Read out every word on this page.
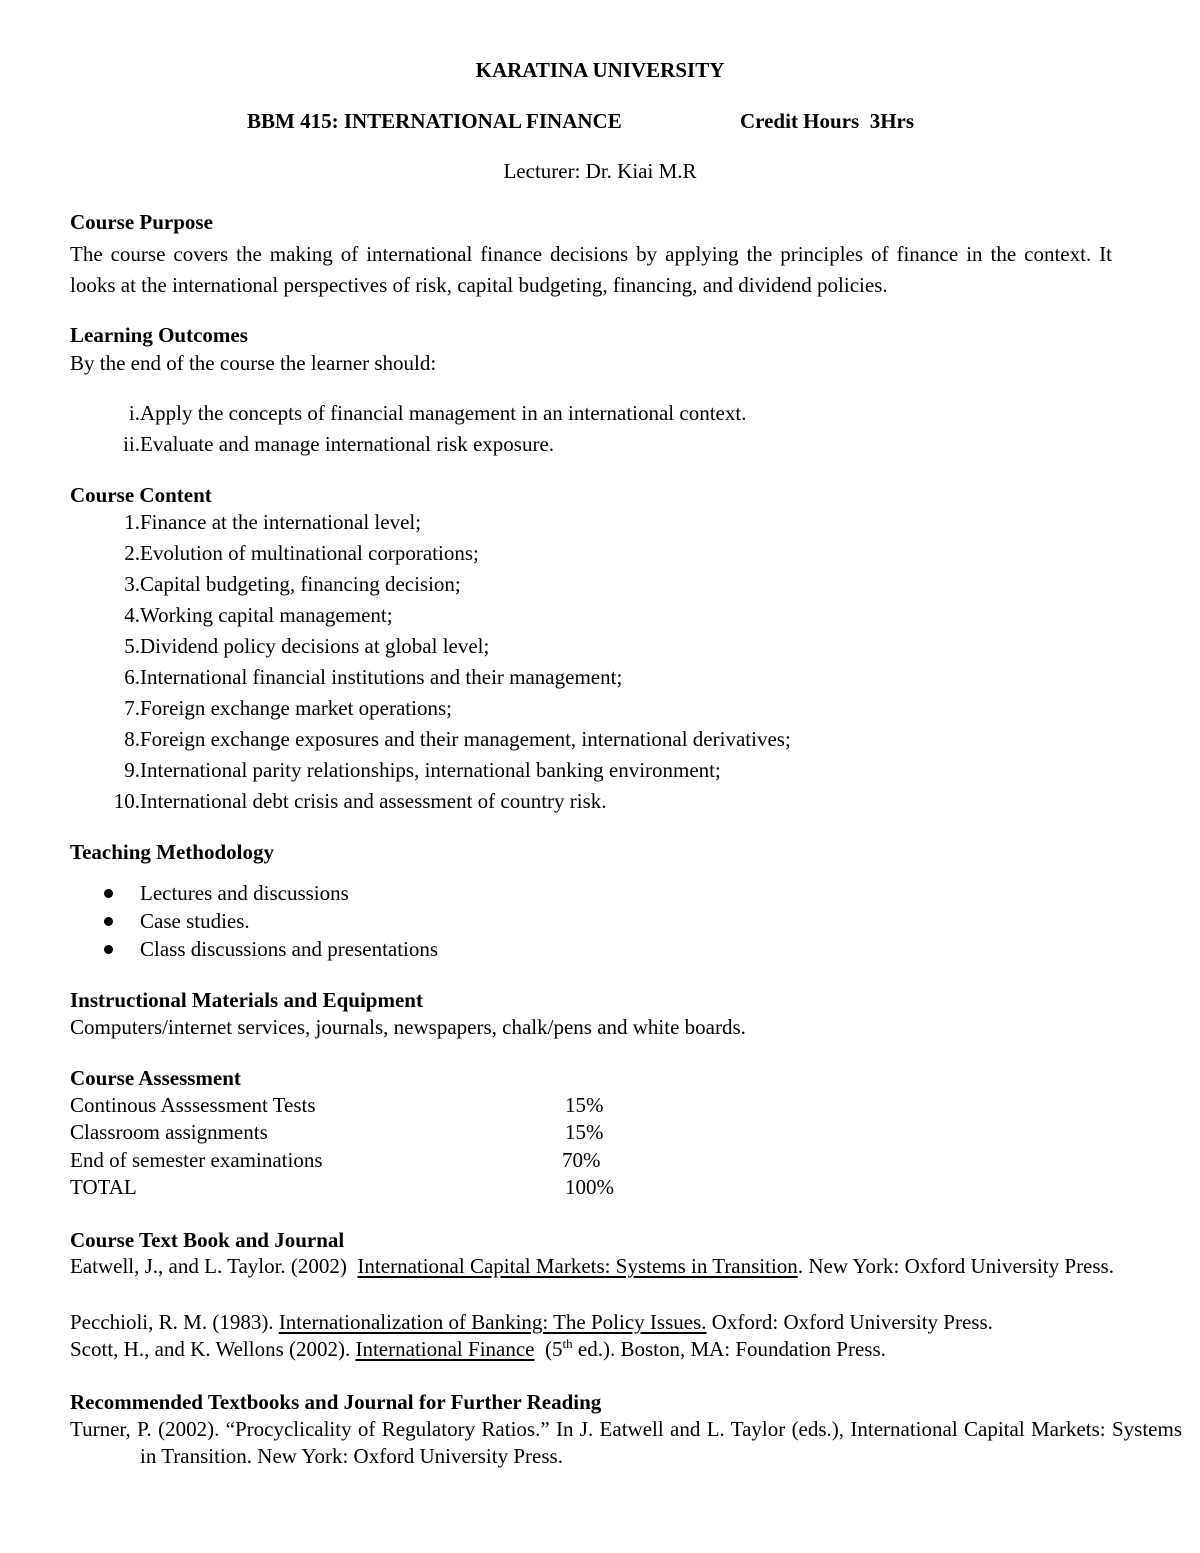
KARATINA UNIVERSITY
BBM 415: INTERNATIONAL FINANCE	Credit Hours  3Hrs
Lecturer: Dr. Kiai M.R
Course Purpose
The course covers the making of international finance decisions by applying the principles of finance in the context. It looks at the international perspectives of risk, capital budgeting, financing, and dividend policies.
Learning Outcomes
By the end of the course the learner should:
i. Apply the concepts of financial management in an international context.
ii. Evaluate and manage international risk exposure.
Course Content
1. Finance at the international level;
2. Evolution of multinational corporations;
3. Capital budgeting, financing decision;
4. Working capital management;
5. Dividend policy decisions at global level;
6. International financial institutions and their management;
7. Foreign exchange market operations;
8. Foreign exchange exposures and their management, international derivatives;
9. International parity relationships, international banking environment;
10. International debt crisis and assessment of country risk.
Teaching Methodology
Lectures and discussions
Case studies.
Class discussions and presentations
Instructional Materials and Equipment
Computers/internet services, journals, newspapers, chalk/pens and white boards.
Course Assessment
Continous Asssessment Tests	15%
Classroom assignments	15%
End of semester examinations	70%
TOTAL	100%
Course Text Book and Journal
Eatwell, J., and L. Taylor. (2002)  International Capital Markets: Systems in Transition. New York: Oxford University Press.
Pecchioli, R. M. (1983). Internationalization of Banking: The Policy Issues. Oxford: Oxford University Press.
Scott, H., and K. Wellons (2002). International Finance  (5th ed.). Boston, MA: Foundation Press.
Recommended Textbooks and Journal for Further Reading
Turner, P. (2002). “Procyclicality of Regulatory Ratios.” In J. Eatwell and L. Taylor (eds.), International Capital Markets: Systems in Transition. New York: Oxford University Press.
